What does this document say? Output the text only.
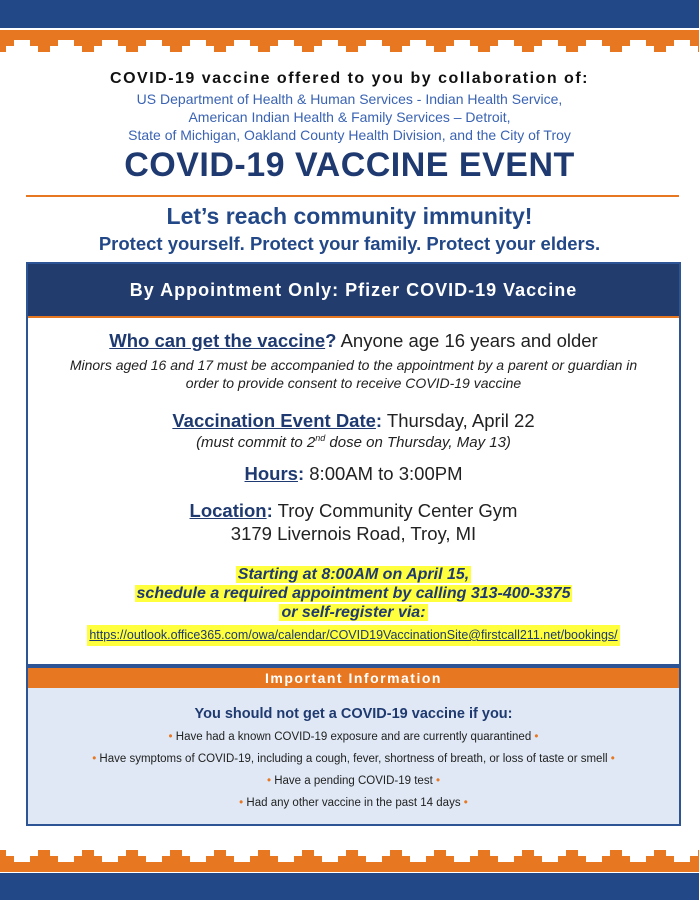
COVID-19 vaccine offered to you by collaboration of:

US Department of Health & Human Services - Indian Health Service,
American Indian Health & Family Services – Detroit,
State of Michigan, Oakland County Health Division, and the City of Troy
COVID-19 VACCINE EVENT
Let’s reach community immunity!
Protect yourself. Protect your family. Protect your elders.
By Appointment Only: Pfizer COVID-19 Vaccine
Who can get the vaccine? Anyone age 16 years and older
Minors aged 16 and 17 must be accompanied to the appointment by a parent or guardian in order to provide consent to receive COVID-19 vaccine
Vaccination Event Date: Thursday, April 22
(must commit to 2nd dose on Thursday, May 13)
Hours: 8:00AM to 3:00PM
Location: Troy Community Center Gym
3179 Livernois Road, Troy, MI
Starting at 8:00AM on April 15,
schedule a required appointment by calling 313-400-3375
or self-register via:
https://outlook.office365.com/owa/calendar/COVID19VaccinationSite@firstcall211.net/bookings/
Important Information
You should not get a COVID-19 vaccine if you:
• Have had a known COVID-19 exposure and are currently quarantined •
• Have symptoms of COVID-19, including a cough, fever, shortness of breath, or loss of taste or smell •
• Have a pending COVID-19 test •
• Had any other vaccine in the past 14 days •
